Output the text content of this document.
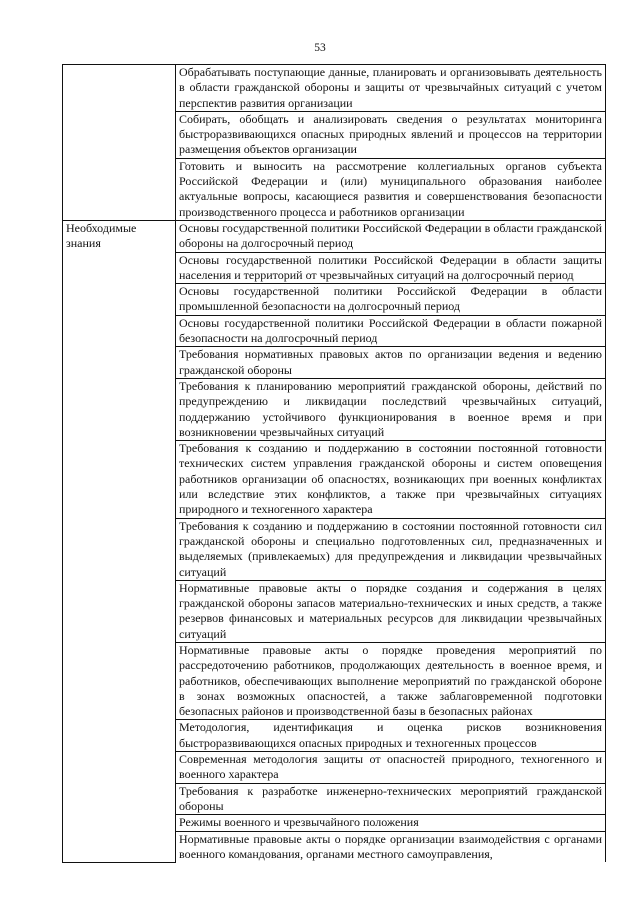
53
	Обрабатывать поступающие данные, планировать и организовывать деятельность в области гражданской обороны и защиты от чрезвычайных ситуаций с учетом перспектив развития организации
	Собирать, обобщать и анализировать сведения о результатах мониторинга быстроразвивающихся опасных природных явлений и процессов на территории размещения объектов организации
	Готовить и выносить на рассмотрение коллегиальных органов субъекта Российской Федерации и (или) муниципального образования наиболее актуальные вопросы, касающиеся развития и совершенствования безопасности производственного процесса и работников организации
Необходимые знания	Основы государственной политики Российской Федерации в области гражданской обороны на долгосрочный период
	Основы государственной политики Российской Федерации в области защиты населения и территорий от чрезвычайных ситуаций на долгосрочный период
	Основы государственной политики Российской Федерации в области промышленной безопасности на долгосрочный период
	Основы государственной политики Российской Федерации в области пожарной безопасности на долгосрочный период
	Требования нормативных правовых актов по организации ведения и ведению гражданской обороны
	Требования к планированию мероприятий гражданской обороны, действий по предупреждению и ликвидации последствий чрезвычайных ситуаций, поддержанию устойчивого функционирования в военное время и при возникновении чрезвычайных ситуаций
	Требования к созданию и поддержанию в состоянии постоянной готовности технических систем управления гражданской обороны и систем оповещения работников организации об опасностях, возникающих при военных конфликтах или вследствие этих конфликтов, а также при чрезвычайных ситуациях природного и техногенного характера
	Требования к созданию и поддержанию в состоянии постоянной готовности сил гражданской обороны и специально подготовленных сил, предназначенных и выделяемых (привлекаемых) для предупреждения и ликвидации чрезвычайных ситуаций
	Нормативные правовые акты о порядке создания и содержания в целях гражданской обороны запасов материально-технических и иных средств, а также резервов финансовых и материальных ресурсов для ликвидации чрезвычайных ситуаций
	Нормативные правовые акты о порядке проведения мероприятий по рассредоточению работников, продолжающих деятельность в военное время, и работников, обеспечивающих выполнение мероприятий по гражданской обороне в зонах возможных опасностей, а также заблаговременной подготовки безопасных районов и производственной базы в безопасных районах
	Методология, идентификация и оценка рисков возникновения быстроразвивающихся опасных природных и техногенных процессов
	Современная методология защиты от опасностей природного, техногенного и военного характера
	Требования к разработке инженерно-технических мероприятий гражданской обороны
	Режимы военного и чрезвычайного положения
	Нормативные правовые акты о порядке организации взаимодействия с органами военного командования, органами местного самоуправления,
